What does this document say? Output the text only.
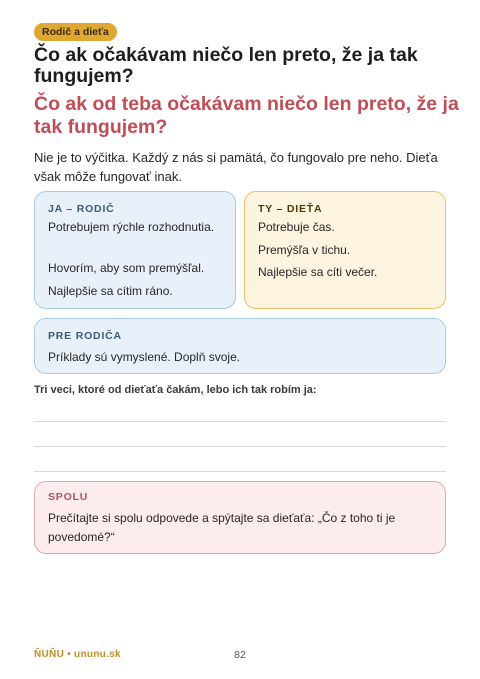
Rodič a dieťa
Čo ak očakávam niečo len preto, že ja tak fungujem?
Čo ak od teba očakávam niečo len preto, že ja tak fungujem?

Nie je to výčitka. Každý z nás si pamätá, čo fungovalo pre neho. Dieťa však môže fungovať inak.

JA – RODIČ
Potrebujem rýchle rozhodnutia.
Hovorím, aby som premýšľal.
Najlepšie sa cítim ráno.
TY – DIEŤA
Potrebuje čas.
Premýšľa v tichu.
Najlepšie sa cíti večer.
PRE RODIČA
Príklady sú vymyslené. Doplň svoje.
Tri veci, ktoré od dieťaťa čakám, lebo ich tak robím ja:
SPOLU
Prečítajte si spolu odpovede a spýtajte sa dieťaťa: „Čo z toho ti je povedomé?“
ŇUŇU • ununu.sk	82
